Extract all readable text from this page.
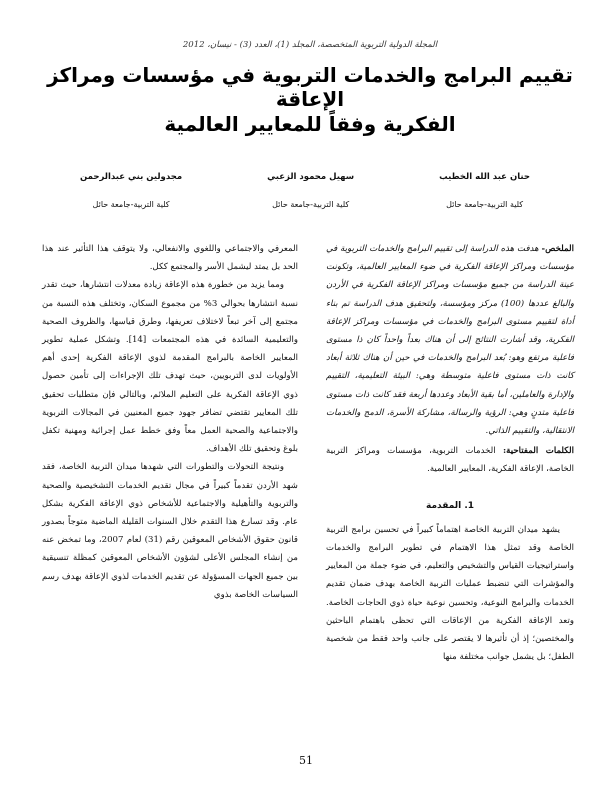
المجلة الدولية التربوية المتخصصة، المجلد (1)، العدد (3) - نيسان، 2012
تقييم البرامج والخدمات التربوية في مؤسسات ومراكز الإعاقة
الفكرية وفقاً للمعايير العالمية
حنان عبد الله الخطيب
كلية التربية-جامعة حائل
سهيل محمود الزعبي
كلية التربية-جامعة حائل
مجدولين بني عبدالرحمن
كلية التربية-جامعة حائل

الملخص- هدفت هذه الدراسة إلى تقييم البرامج والخدمات التربوية في مؤسسات ومراكز الإعاقة الفكرية في ضوء المعايير العالمية، وتكونت عينة الدراسة من جميع مؤسسات ومراكز الإعاقة الفكرية في الأردن والبالغ عددها (100) مركز ومؤسسة، ولتحقيق هدف الدراسة تم بناء أداة لتقييم مستوى البرامج والخدمات في مؤسسات ومراكز الإعاقة الفكرية، وقد أشارت النتائج إلى أن هناك بعداً واحداً كان ذا مستوى فاعلية مرتفع وهو: بُعد البرامج والخدمات في حين أن هناك ثلاثة أبعاد كانت ذات مستوى فاعلية متوسطة وهي: البيئة التعليمية، التقييم والإدارة والعاملين، أما بقية الأبعاد وعددها أربعة فقد كانت ذات مستوى فاعلية متدنٍ وهي: الرؤية والرسالة، مشاركة الأسرة، الدمج والخدمات الانتقالية، والتقييم الذاتي.

الكلمات المفتاحية: الخدمات التربوية، مؤسسات ومراكز التربية الخاصة، الإعاقة الفكرية، المعايير العالمية.

1. المقدمة

يشهد ميدان التربية الخاصة اهتماماً كبيراً في تحسين برامج التربية الخاصة وقد تمثل هذا الاهتمام في تطوير البرامج والخدمات واستراتيجيات القياس والتشخيص والتعليم، في ضوء جملة من المعايير والمؤشرات التي تنضبط عمليات التربية الخاصة بهدف ضمان تقديم الخدمات والبرامج النوعية، وتحسين نوعية حياة ذوي الحاجات الخاصة. وتعد الإعاقة الفكرية من الإعاقات التي تحظى باهتمام الباحثين والمختصين؛ إذ أن تأثيرها لا يقتصر على جانب واحد فقط من شخصية الطفل؛ بل يشمل جوانب مختلفة منها

المعرفي والاجتماعي واللغوي والانفعالي، ولا يتوقف هذا التأثير عند هذا الحد بل يمتد ليشمل الأسر والمجتمع ككل.

ومما يزيد من خطورة هذه الإعاقة زيادة معدلات انتشارها، حيث تقدر نسبة انتشارها بحوالي 3% من مجموع السكان، وتختلف هذه النسبة من مجتمع إلى آخر تبعاً لاختلاف تعريفها، وطرق قياسها، والظروف الصحية والتعليمية السائدة في هذه المجتمعات [14]. وتشكل عملية تطوير المعايير الخاصة بالبرامج المقدمة لذوي الإعاقة الفكرية إحدى أهم الأولويات لدى التربويين، حيث تهدف تلك الإجراءات إلى تأمين حصول ذوي الإعاقة الفكرية على التعليم الملائم، وبالتالي فإن متطلبات تحقيق تلك المعايير تقتضي تضافر جهود جميع المعنيين في المجالات التربوية والاجتماعية والصحية العمل معاً وفق خطط عمل إجرائية ومهنية تكفل بلوغ وتحقيق تلك الأهداف.

ونتيجة التحولات والتطورات التي شهدها ميدان التربية الخاصة، فقد شهد الأردن تقدماً كبيراً في مجال تقديم الخدمات التشخيصية والصحية والتربوية والتأهيلية والاجتماعية للأشخاص ذوي الإعاقة الفكرية بشكل عام. وقد تسارع هذا التقدم خلال السنوات القليلة الماضية متوجاً بصدور قانون حقوق الأشخاص المعوقين رقم (31) لعام 2007، وما تمخض عنه من إنشاء المجلس الأعلى لشؤون الأشخاص المعوقين كمظلة تنسيقية بين جميع الجهات المسؤولة عن تقديم الخدمات لذوي الإعاقة بهدف رسم السياسات الخاصة بذوي

51
